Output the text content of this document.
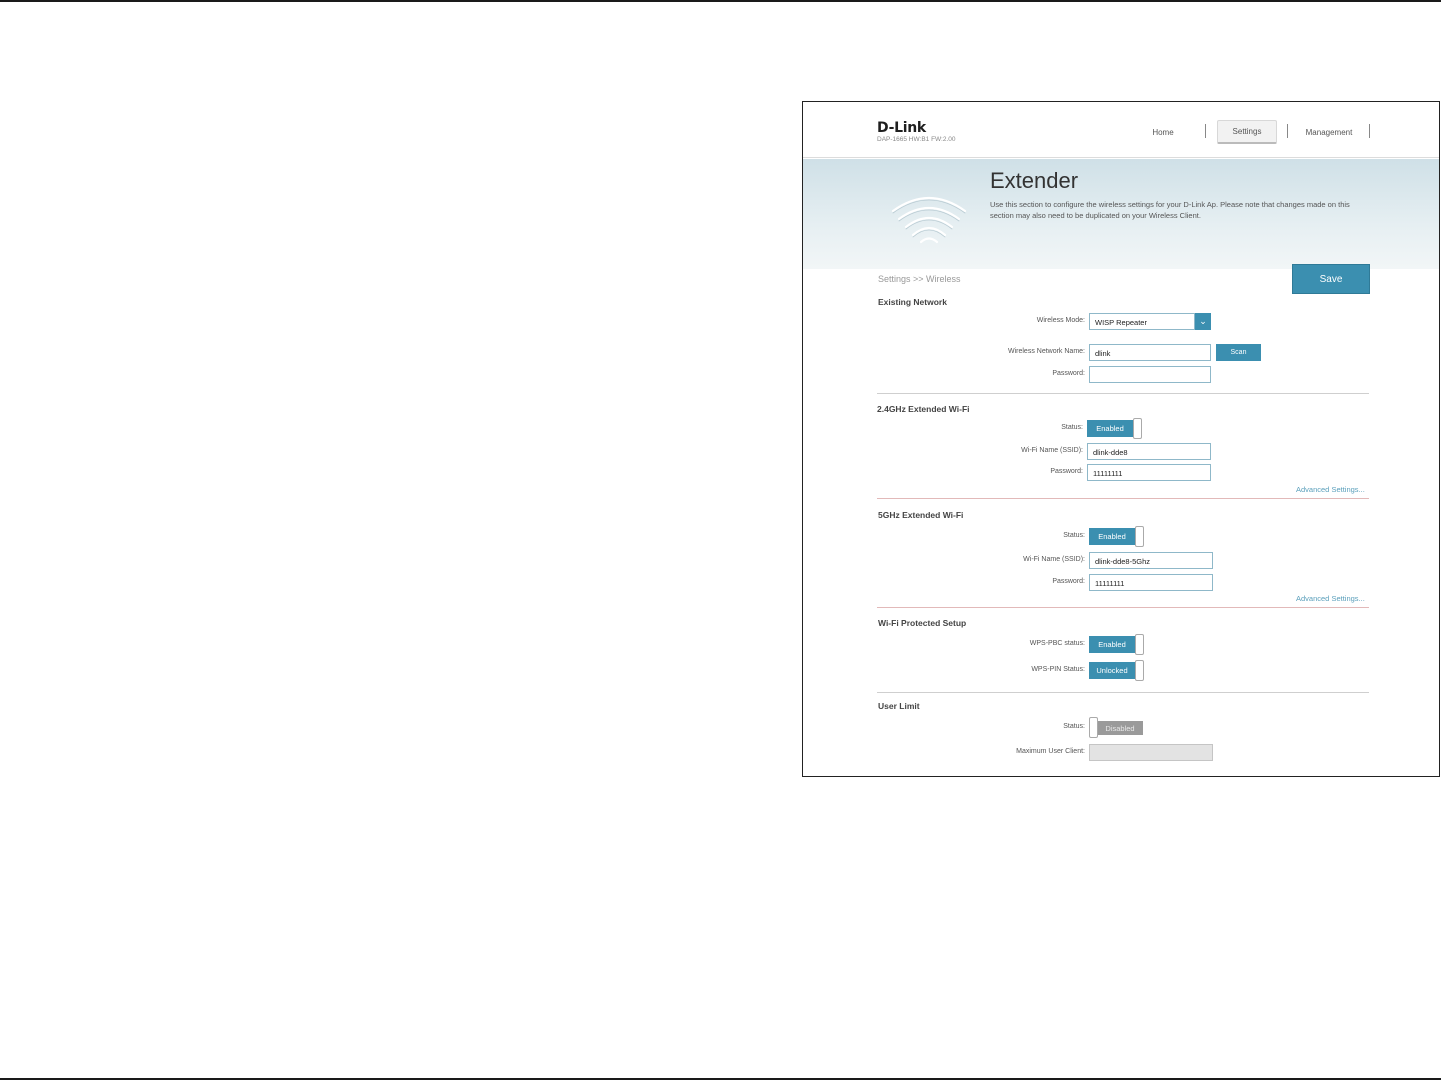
D-Link
DAP-1665 HW:B1 FW:2.00
Home	Settings	Management
Extender
Use this section to configure the wireless settings for your D-Link Ap. Please note that changes made on this section may also need to be duplicated on your Wireless Client.
Settings >> Wireless	Save
Existing Network
Wireless Mode:	WISP Repeater	⌄
Wireless Network Name:	dlink	Scan
Password:
2.4GHz Extended Wi-Fi
Status:	Enabled
Wi-Fi Name (SSID):	dlink-dde8
Password:	11111111
Advanced Settings...
5GHz Extended Wi-Fi
Status:	Enabled
Wi-Fi Name (SSID):	dlink-dde8-5Ghz
Password:	11111111
Advanced Settings...
Wi-Fi Protected Setup
WPS-PBC status:	Enabled
WPS-PIN Status:	Unlocked
User Limit
Status:	Disabled
Maximum User Client:
